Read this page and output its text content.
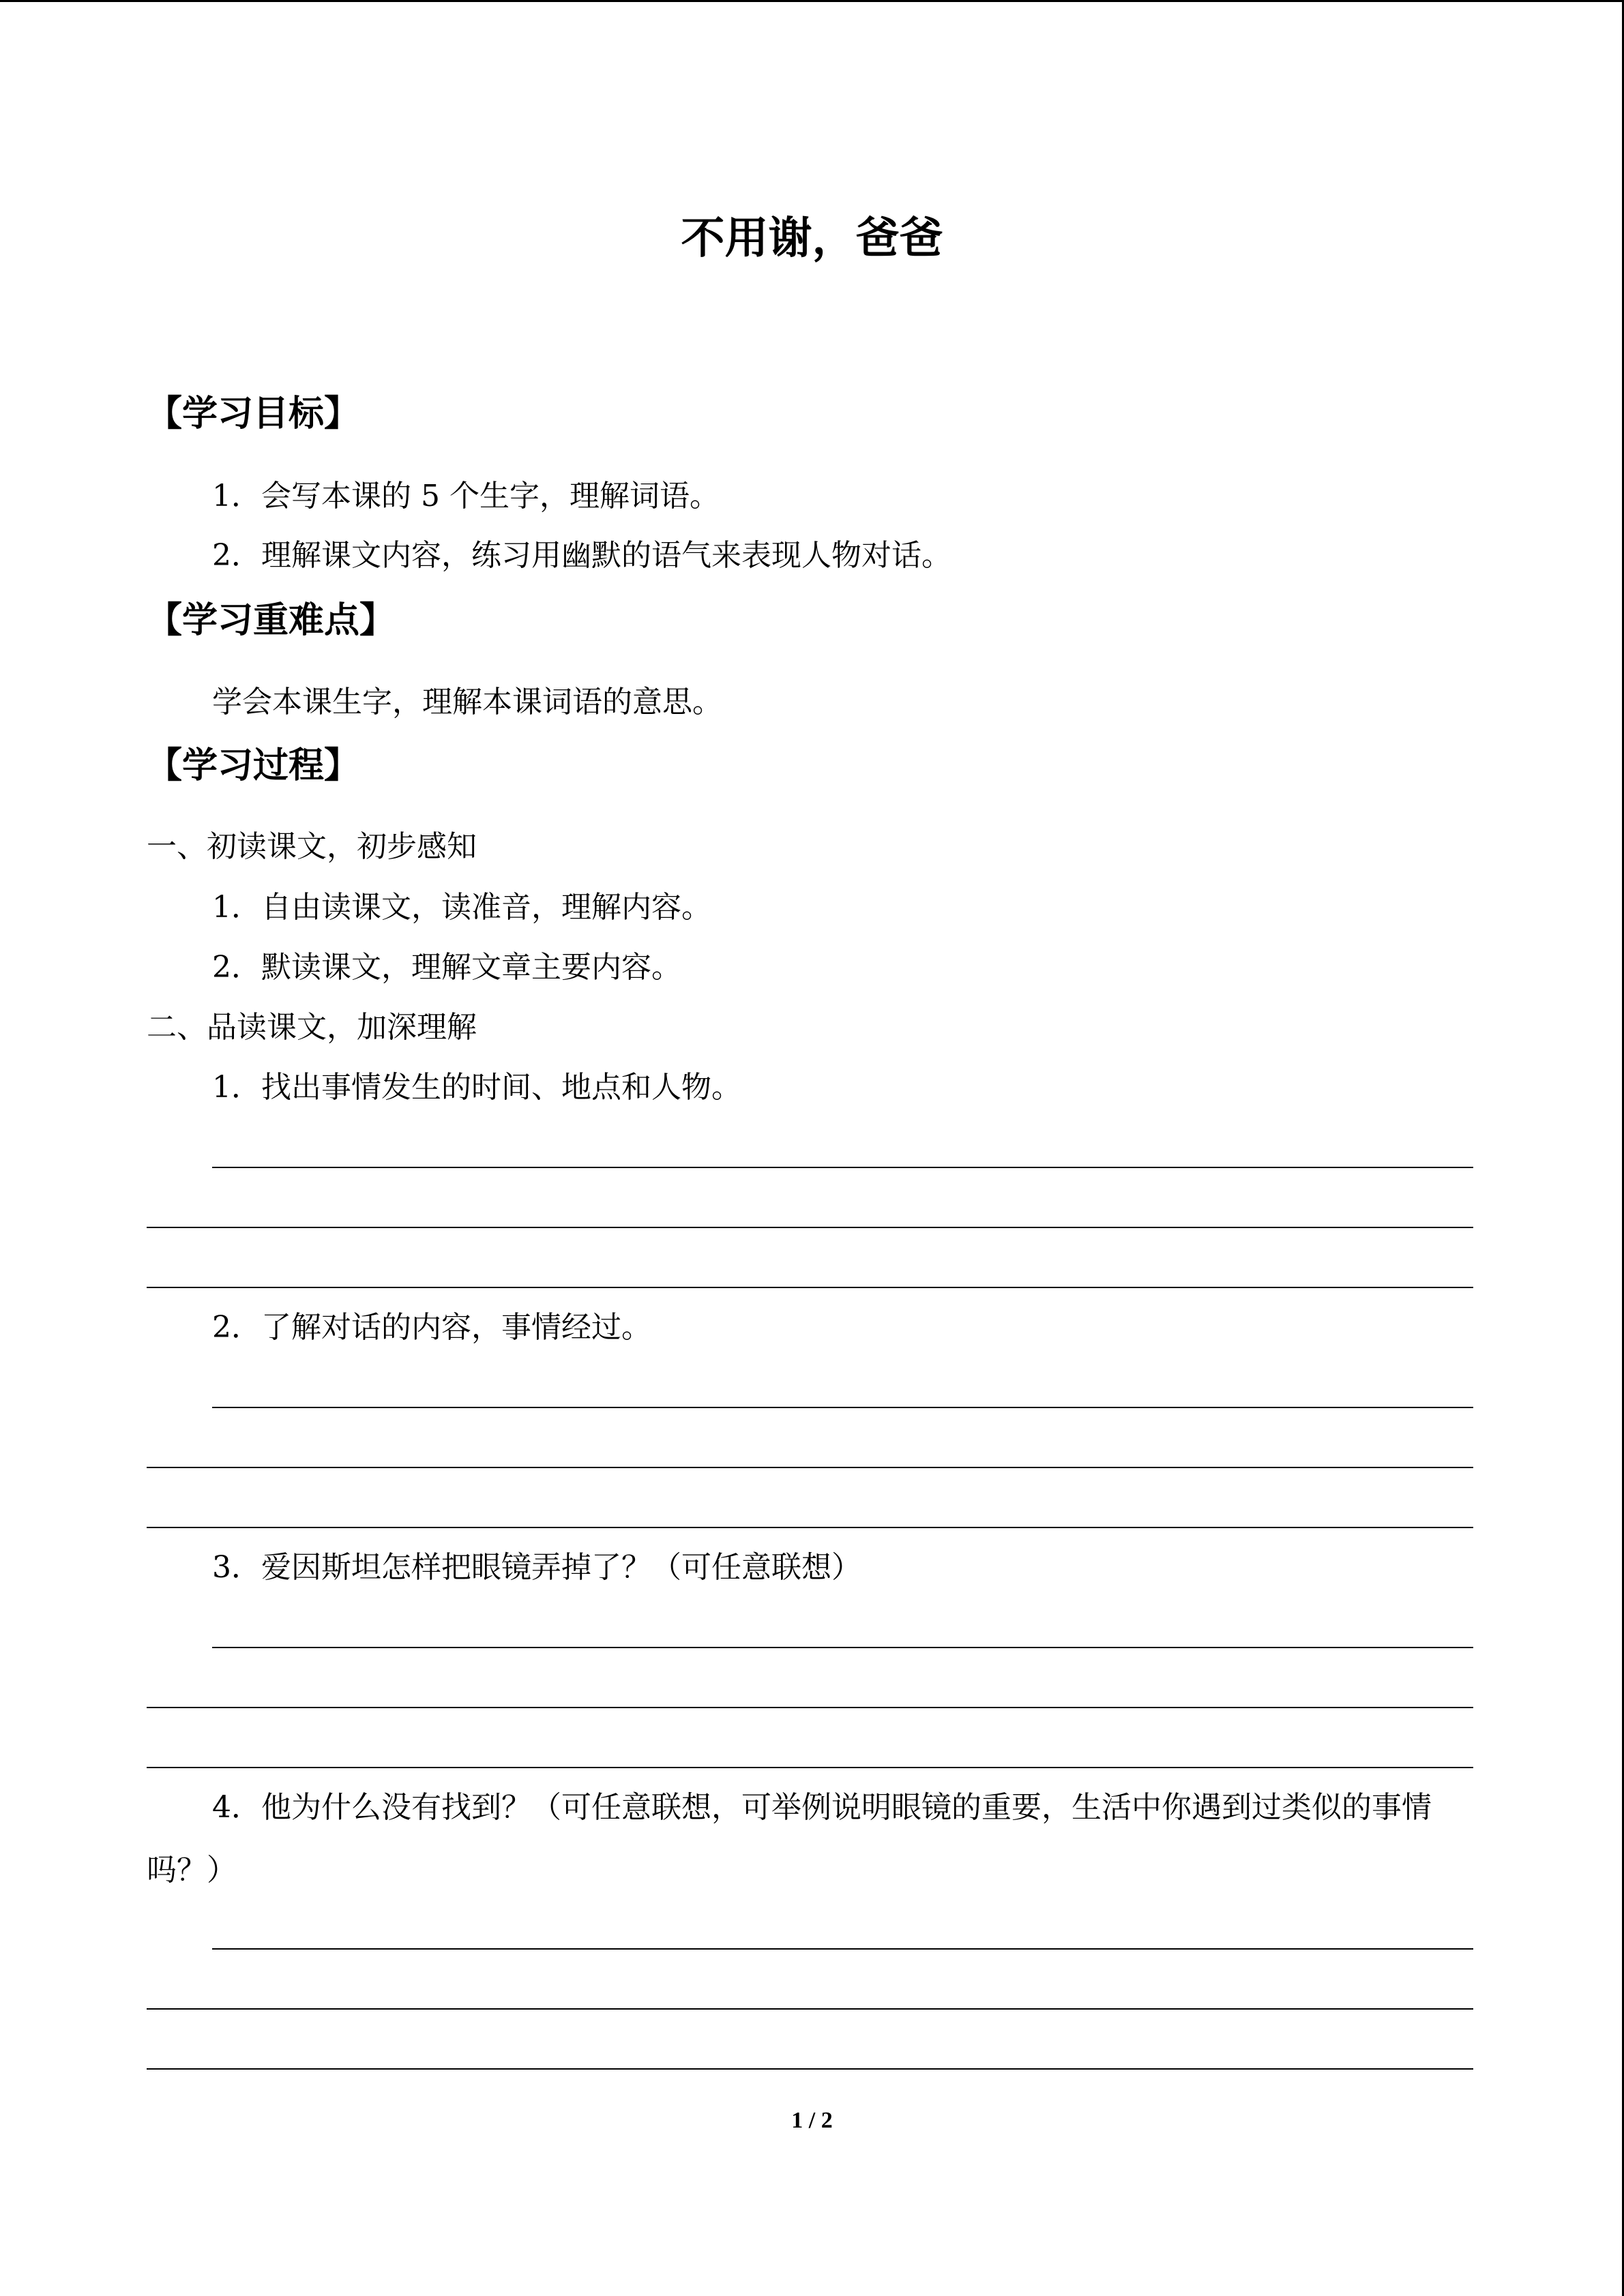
不用谢，爸爸
【学习目标】
1．会写本课的 5 个生字，理解词语。
2．理解课文内容，练习用幽默的语气来表现人物对话。
【学习重难点】
学会本课生字，理解本课词语的意思。
【学习过程】
一、初读课文，初步感知
1．自由读课文，读准音，理解内容。
2．默读课文，理解文章主要内容。
二、品读课文，加深理解
1．找出事情发生的时间、地点和人物。
2．了解对话的内容，事情经过。
3．爱因斯坦怎样把眼镜弄掉了？（可任意联想）
4．他为什么没有找到？（可任意联想，可举例说明眼镜的重要，生活中你遇到过类似的事情吗？）
1 / 2
